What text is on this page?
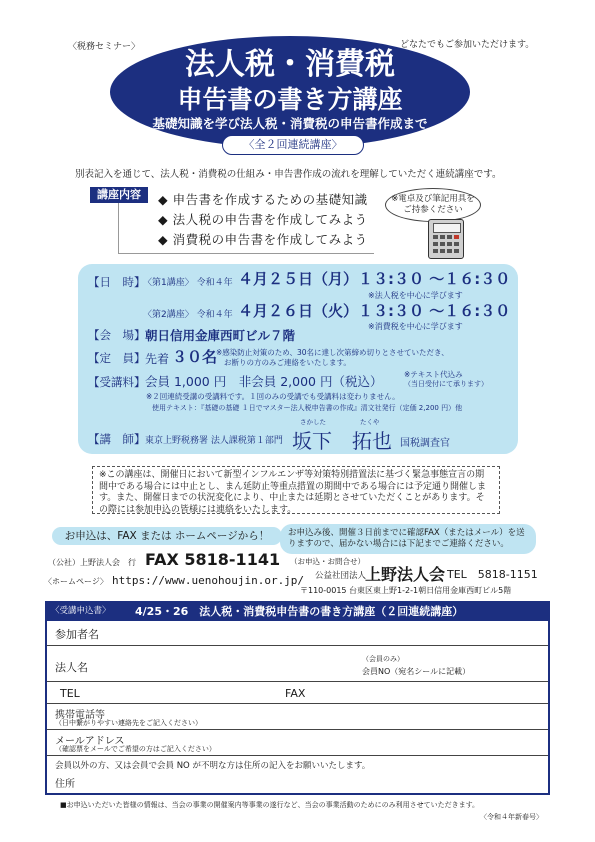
〈税務セミナー〉	どなたでもご参加いただけます。
法人税・消費税
申告書の書き方講座
基礎知識を学び法人税・消費税の申告書作成まで
〈全２回連続講座〉
別表記入を通じて、法人税・消費税の仕組み・申告書作成の流れを理解していただく連続講座です。
講座内容	◆ 申告書を作成するための基礎知識
◆ 法人税の申告書を作成してみよう
◆ 消費税の申告書を作成してみよう
※電卓及び筆記用具を
ご持参ください
【日　時】
〈第1講座〉 令和４年 ４月２５日（月）１３:３０ ～１６:３０
※法人税を中心に学びます
〈第2講座〉 令和４年 ４月２６日（火）１３:３０ ～１６:３０
※消費税を中心に学びます
【会　場】 朝日信用金庫西町ビル７階
【定　員】 先着 ３０名
※感染防止対策のため、30名に達し次第締め切りとさせていただき、
お断りの方のみご連絡をいたします。
【受講料】 会員 1,000 円　非会員 2,000 円（税込）	※テキスト代込み
（当日受付にて承ります）
※２回連続受講の受講料です。１回のみの受講でも受講料は変わりません。
使用テキスト：『基礎の基礎 １日でマスター法人税申告書の作成』清文社発行（定価 2,200 円）他
【講　師】 東京上野税務署 法人課税第１部門
さかした	たくや
坂下　拓也 国税調査官
※この講座は、開催日において新型インフルエンザ等対策特別措置法に基づく緊急事態宣言の期間中である場合には中止とし、まん延防止等重点措置の期間中である場合には予定通り開催します。また、開催日までの状況変化により、中止または延期とさせていただくことがあります。その際には参加申込の皆様には連絡をいたします。
お申込は、FAX または ホームページから！	お申込み後、開催３日前までに確認FAX（またはメール）を送りますので、届かない場合には下記までご連絡ください。
（公社）上野法人会　行 FAX 5818-1141
〈ホームページ〉 https://www.uenohoujin.or.jp/
（お申込・お問合せ）
公益社団法人
上野法人会 TEL　5818-1151
〒110-0015 台東区東上野1-2-1朝日信用金庫西町ビル5階
〈受講申込書〉 4/25・26　法人税・消費税申告書の書き方講座（２回連続講座）
参加者名
法人名
（会員のみ）
会員NO（宛名シールに記載）
TEL	FAX
携帯電話等
（日中繋がりやすい連絡先をご記入ください）
メールアドレス
（確認票をメールでご希望の方はご記入ください）
会員以外の方、又は会員で会員 NO が不明な方は住所の記入をお願いいたします。
住所
■お申込いただいた皆様の情報は、当会の事業の開催案内等事業の遂行など、当会の事業活動のためにのみ利用させていただきます。
〈令和４年新春号〉
